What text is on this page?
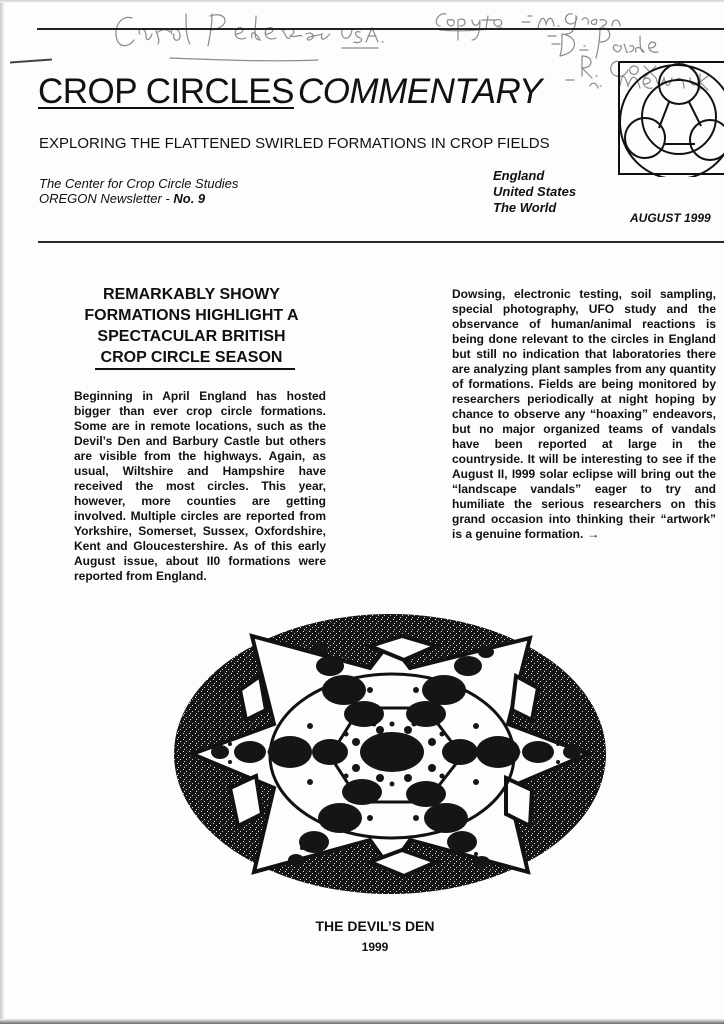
CROP CIRCLES COMMENTARY
EXPLORING THE FLATTENED SWIRLED FORMATIONS IN CROP FIELDS
The Center for Crop Circle Studies
OREGON Newsletter - No. 9
England
United States
The World
AUGUST 1999
REMARKABLY SHOWY FORMATIONS HIGHLIGHT A SPECTACULAR BRITISH CROP CIRCLE SEASON

Beginning in April England has hosted bigger than ever crop circle formations. Some are in remote locations, such as the Devil’s Den and Barbury Castle but others are visible from the highways. Again, as usual, Wiltshire and Hampshire have received the most circles. This year, however, more counties are getting involved. Multiple circles are reported from Yorkshire, Somerset, Sussex, Oxfordshire, Kent and Gloucestershire. As of this early August issue, about II0 formations were reported from England.

Dowsing, electronic testing, soil sampling, special photography, UFO study and the observance of human/animal reactions is being done relevant to the circles in England but still no indication that laboratories there are analyzing plant samples from any quantity of formations. Fields are being monitored by researchers periodically at night hoping by chance to observe any “hoaxing” endeavors, but no major organized teams of vandals have been reported at large in the countryside. It will be interesting to see if the August II, I999 solar eclipse will bring out the “landscape vandals” eager to try and humiliate the serious researchers on this grand occasion into thinking their “artwork” is a genuine formation. →

THE DEVIL’S DEN
1999
